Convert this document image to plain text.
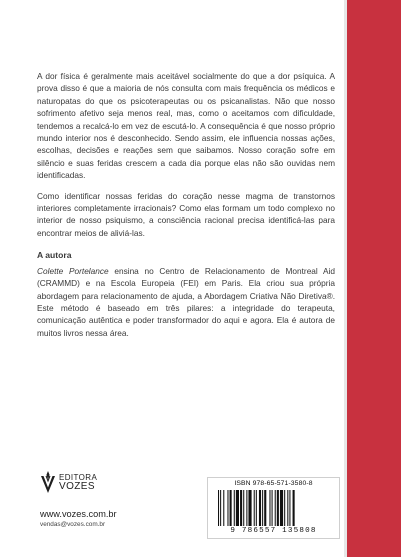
A dor física é geralmente mais aceitável socialmente do que a dor psíquica. A prova disso é que a maioria de nós consulta com mais frequência os médicos e naturopatas do que os psicoterapeutas ou os psicanalistas. Não que nosso sofrimento afetivo seja menos real, mas, como o aceitamos com dificuldade, tendemos a recalcá-lo em vez de escutá-lo. A consequência é que nosso próprio mundo interior nos é desconhecido. Sendo assim, ele influencia nossas ações, escolhas, decisões e reações sem que saibamos. Nosso coração sofre em silêncio e suas feridas crescem a cada dia porque elas não são ouvidas nem identificadas.

Como identificar nossas feridas do coração nesse magma de transtornos interiores completamente irracionais? Como elas formam um todo complexo no interior de nosso psiquismo, a consciência racional precisa identificá-las para encontrar meios de aliviá-las.

A autora

Colette Portelance ensina no Centro de Relacionamento de Montreal Aid (CRAMMD) e na Escola Europeia (FEI) em Paris. Ela criou sua própria abordagem para relacionamento de ajuda, a Abordagem Criativa Não Diretiva®. Este método é baseado em três pilares: a integridade do terapeuta, comunicação autêntica e poder transformador do aqui e agora. Ela é autora de muitos livros nessa área.

EDITORA
VOZES
www.vozes.com.br
vendas@vozes.com.br
ISBN 978-65-571-3580-8
9 786557 135808
